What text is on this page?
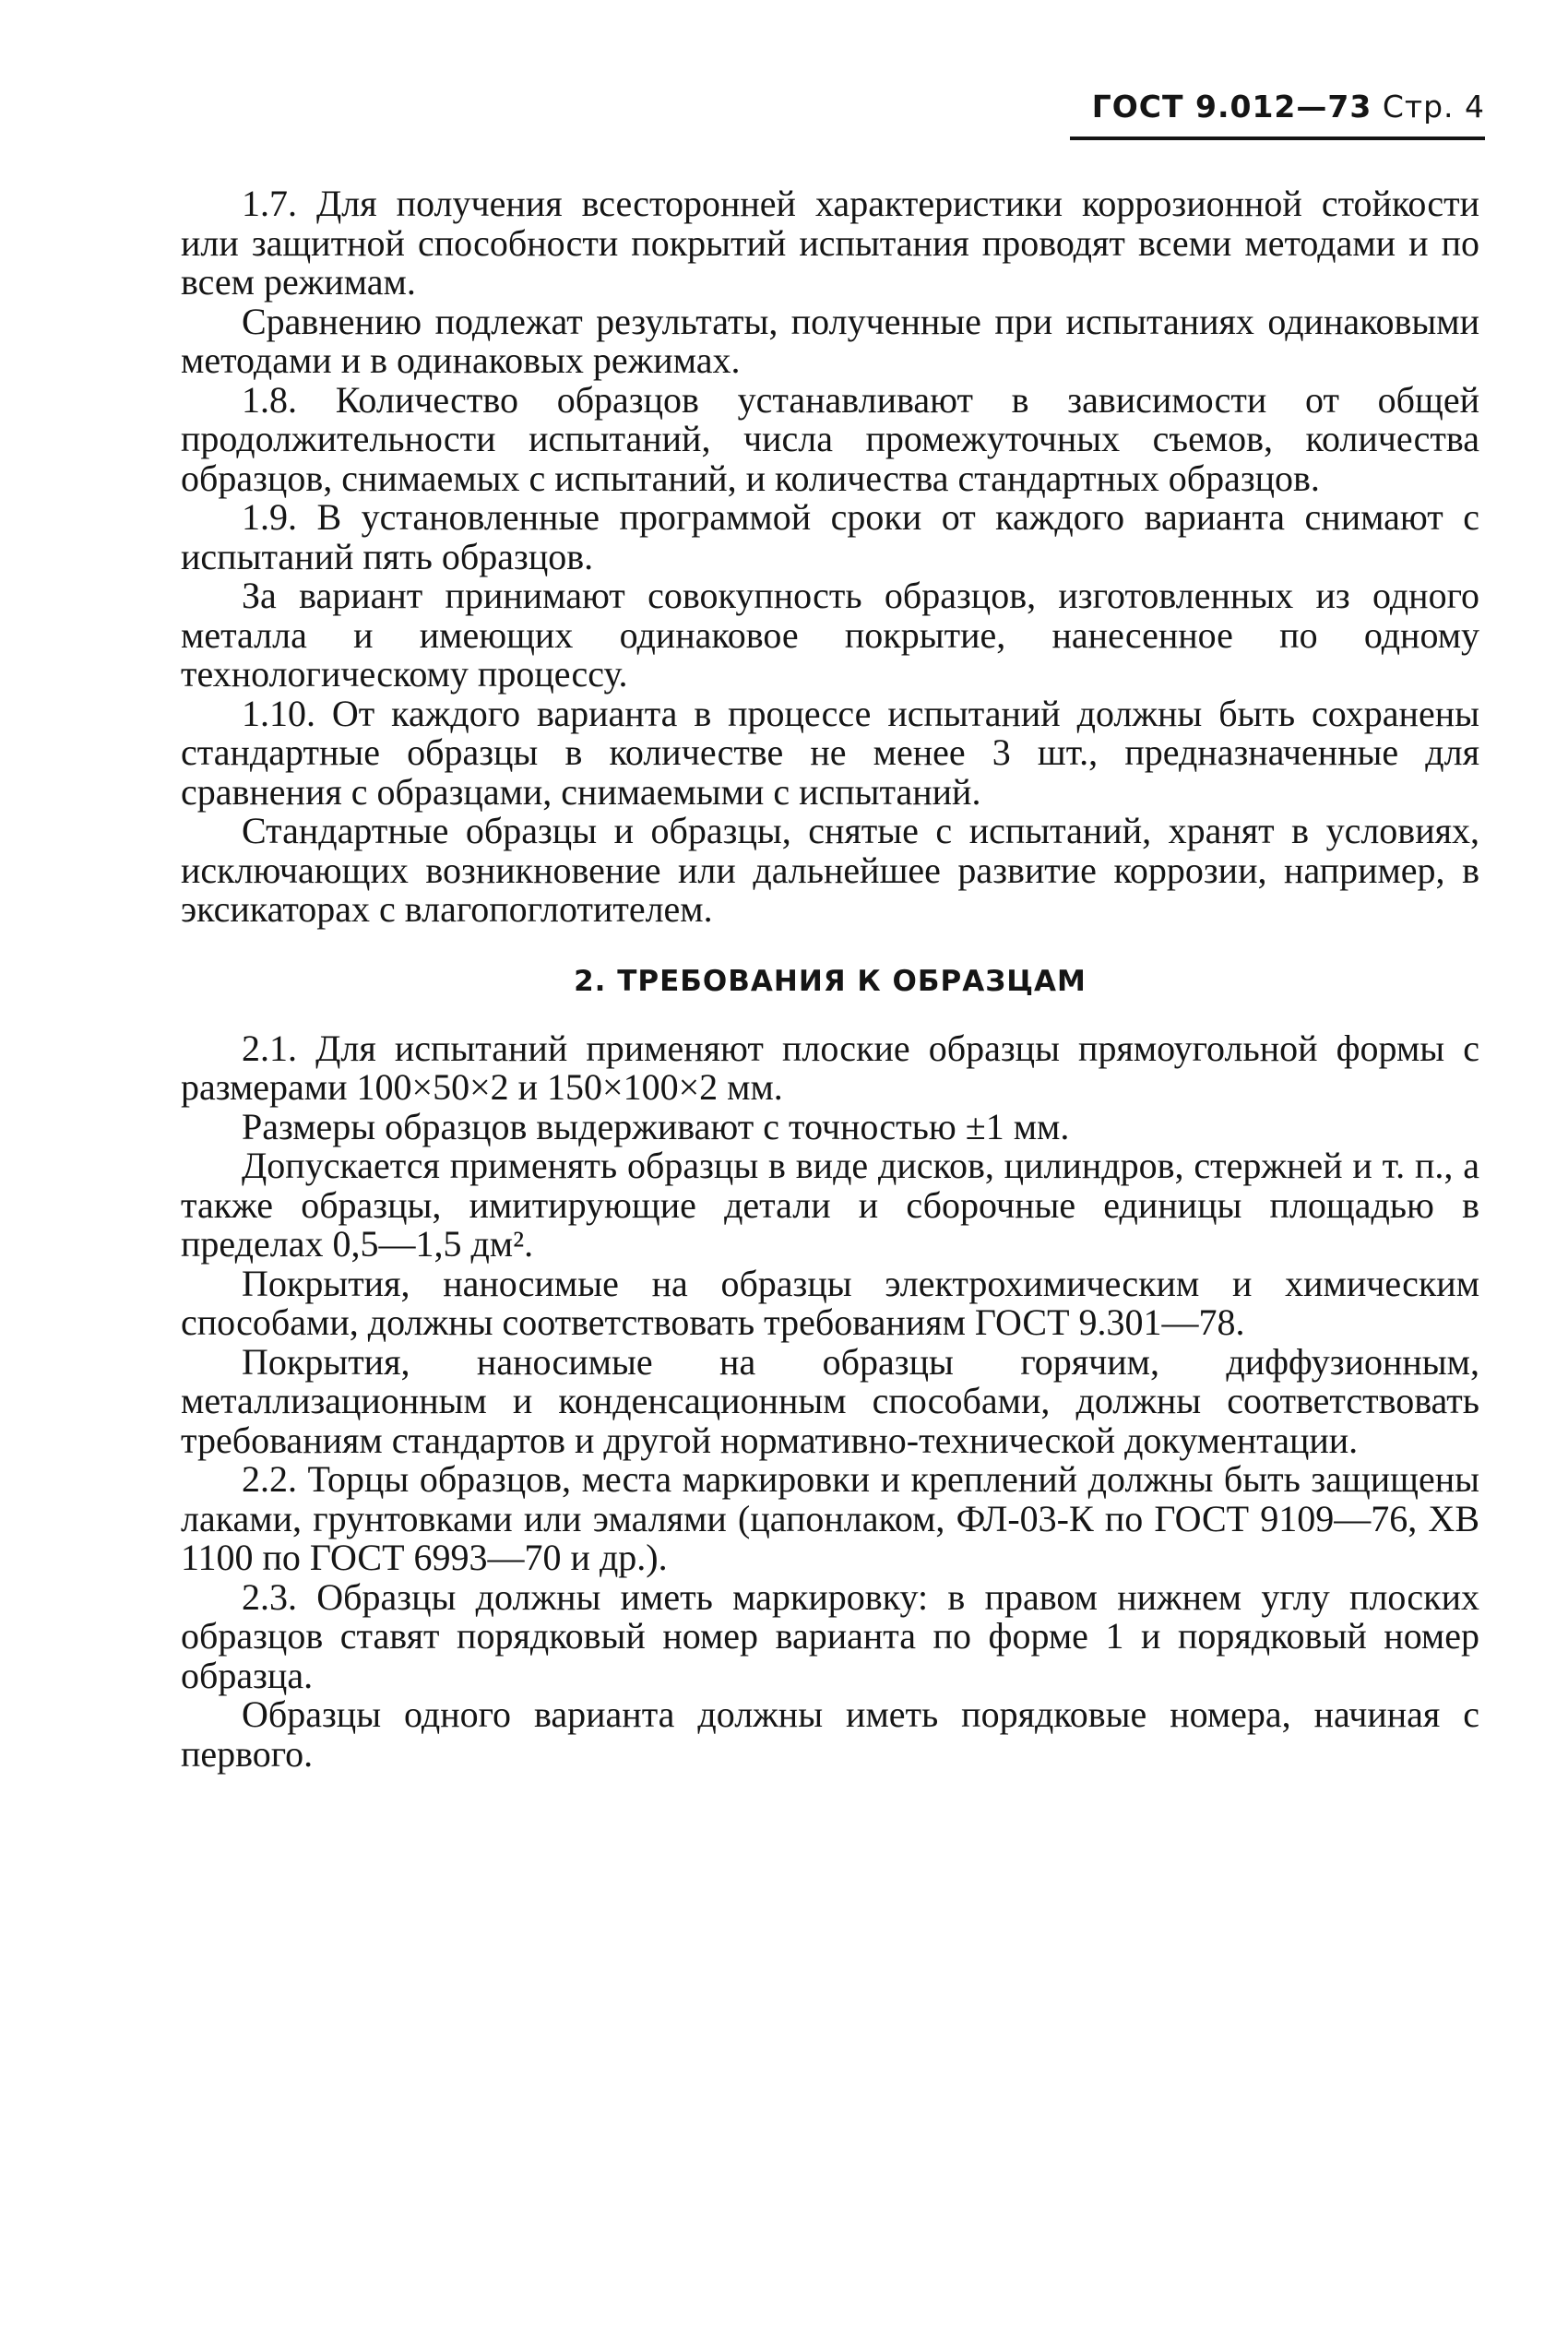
ГОСТ 9.012—73 Стр. 4

1.7. Для получения всесторонней характеристики коррозионной стойкости или защитной способности покрытий испытания проводят всеми методами и по всем режимам.

Сравнению подлежат результаты, полученные при испытаниях одинаковыми методами и в одинаковых режимах.

1.8. Количество образцов устанавливают в зависимости от общей продолжительности испытаний, числа промежуточных съемов, количества образцов, снимаемых с испытаний, и количества стандартных образцов.

1.9. В установленные программой сроки от каждого варианта снимают с испытаний пять образцов.

За вариант принимают совокупность образцов, изготовленных из одного металла и имеющих одинаковое покрытие, нанесенное по одному технологическому процессу.

1.10. От каждого варианта в процессе испытаний должны быть сохранены стандартные образцы в количестве не менее 3 шт., предназначенные для сравнения с образцами, снимаемыми с испытаний.

Стандартные образцы и образцы, снятые с испытаний, хранят в условиях, исключающих возникновение или дальнейшее развитие коррозии, например, в эксикаторах с влагопоглотителем.

2. ТРЕБОВАНИЯ К ОБРАЗЦАМ

2.1. Для испытаний применяют плоские образцы прямоугольной формы с размерами 100×50×2 и 150×100×2 мм.

Размеры образцов выдерживают с точностью ±1 мм.

Допускается применять образцы в виде дисков, цилиндров, стержней и т. п., а также образцы, имитирующие детали и сборочные единицы площадью в пределах 0,5—1,5 дм².

Покрытия, наносимые на образцы электрохимическим и химическим способами, должны соответствовать требованиям ГОСТ 9.301—78.

Покрытия, наносимые на образцы горячим, диффузионным, металлизационным и конденсационным способами, должны соответствовать требованиям стандартов и другой нормативно-технической документации.

2.2. Торцы образцов, места маркировки и креплений должны быть защищены лаками, грунтовками или эмалями (цапонлаком, ФЛ-03-К по ГОСТ 9109—76, ХВ 1100 по ГОСТ 6993—70 и др.).

2.3. Образцы должны иметь маркировку: в правом нижнем углу плоских образцов ставят порядковый номер варианта по форме 1 и порядковый номер образца.

Образцы одного варианта должны иметь порядковые номера, начиная с первого.
